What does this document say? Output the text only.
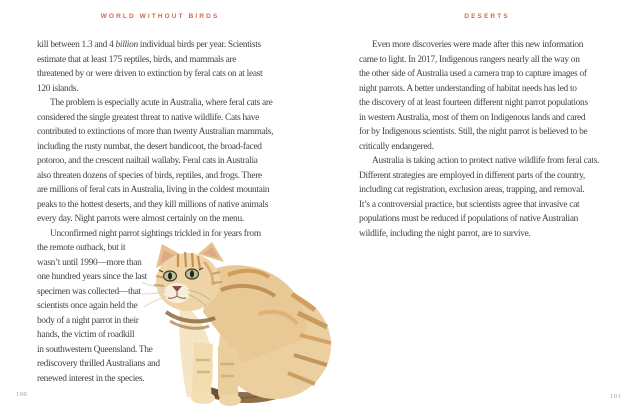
WORLD WITHOUT BIRDS	DESERTS
kill between 1.3 and 4 billion individual birds per year. Scientists
estimate that at least 175 reptiles, birds, and mammals are
threatened by or were driven to extinction by feral cats on at least
120 islands.
The problem is especially acute in Australia, where feral cats are
considered the single greatest threat to native wildlife. Cats have
contributed to extinctions of more than twenty Australian mammals,
including the rusty numbat, the desert bandicoot, the broad-faced
potoroo, and the crescent nailtail wallaby. Feral cats in Australia
also threaten dozens of species of birds, reptiles, and frogs. There
are millions of feral cats in Australia, living in the coldest mountain
peaks to the hottest deserts, and they kill millions of native animals
every day. Night parrots were almost certainly on the menu.
Unconfirmed night parrot sightings trickled in for years from
the remote outback, but it
wasn’t until 1990—more than
one hundred years since the last
specimen was collected—that
scientists once again held the
body of a night parrot in their
hands, the victim of roadkill
in southwestern Queensland. The
rediscovery thrilled Australians and
renewed interest in the species.
Even more discoveries were made after this new information
came to light. In 2017, Indigenous rangers nearly all the way on
the other side of Australia used a camera trap to capture images of
night parrots. A better understanding of habitat needs has led to
the discovery of at least fourteen different night parrot populations
in western Australia, most of them on Indigenous lands and cared
for by Indigenous scientists. Still, the night parrot is believed to be
critically endangered.
Australia is taking action to protect native wildlife from feral cats.
Different strategies are employed in different parts of the country,
including cat registration, exclusion areas, trapping, and removal.
It’s a controversial practice, but scientists agree that invasive cat
populations must be reduced if populations of native Australian
wildlife, including the night parrot, are to survive.
100	101
